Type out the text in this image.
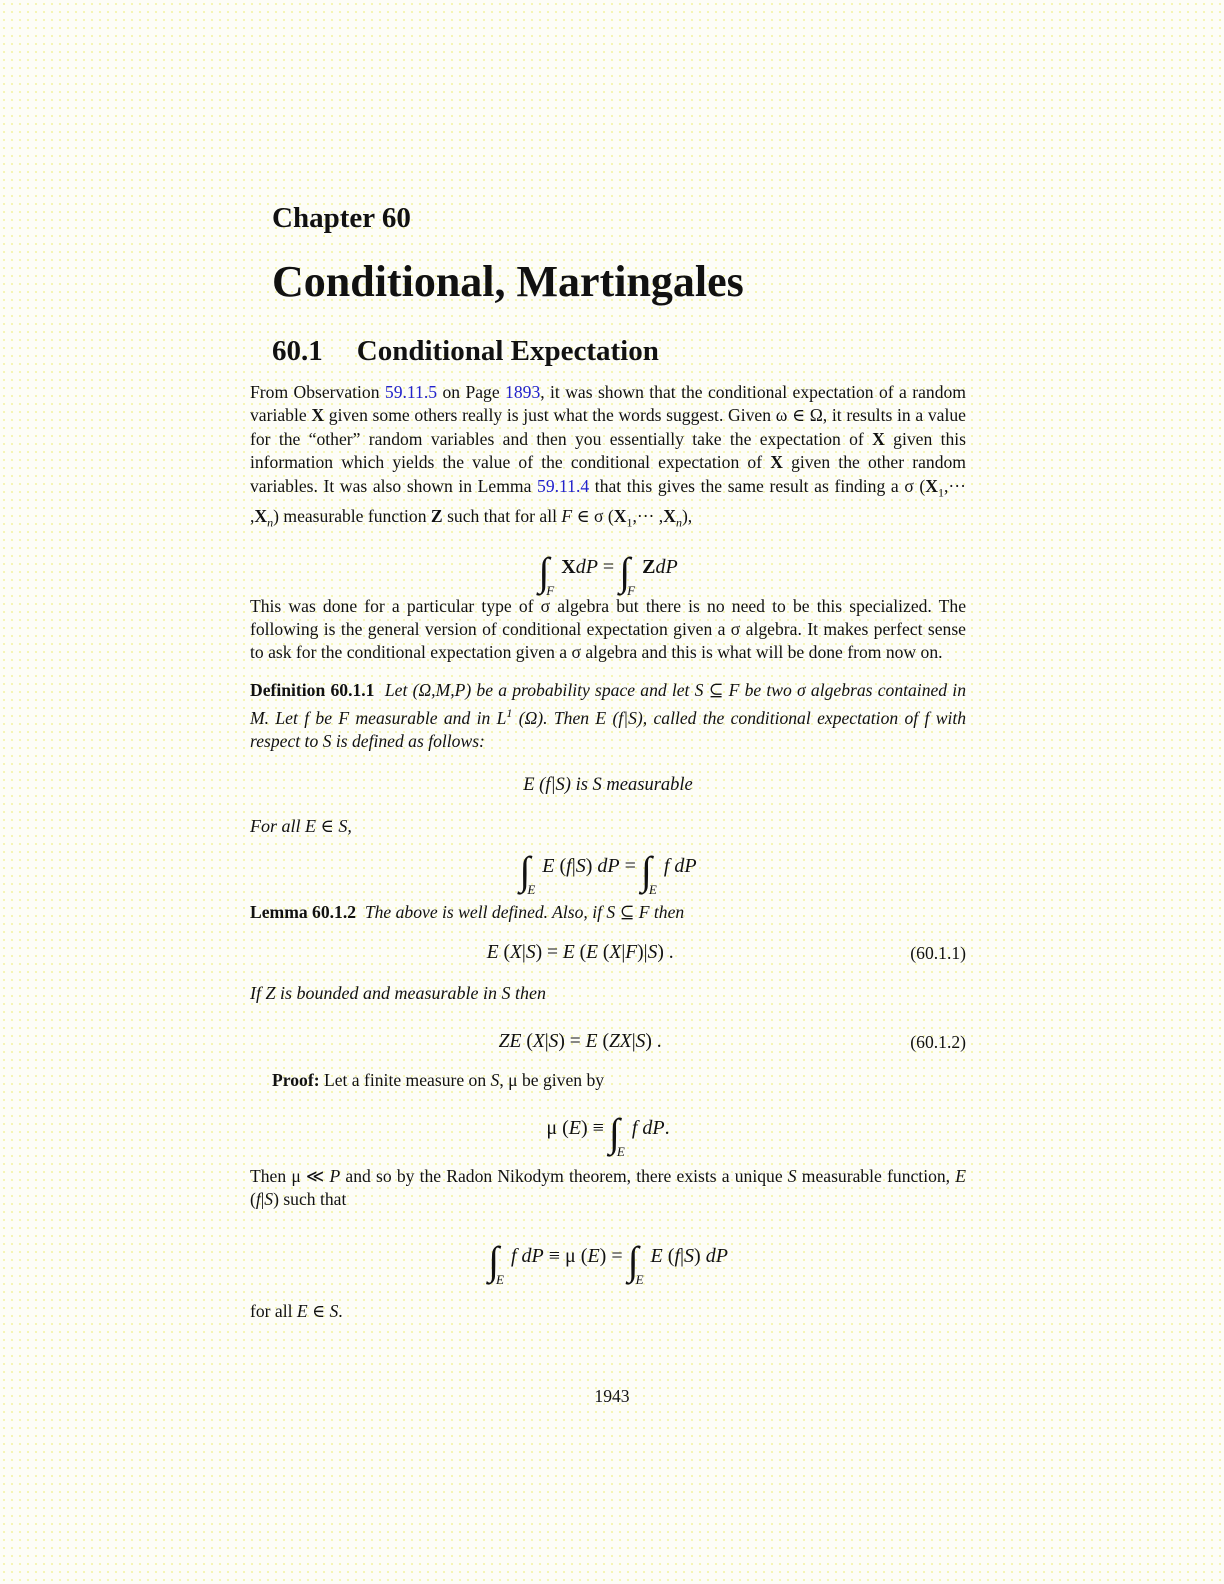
Chapter 60
Conditional, Martingales
60.1 Conditional Expectation

From Observation 59.11.5 on Page 1893, it was shown that the conditional expectation of a random variable X given some others really is just what the words suggest. Given ω ∈ Ω, it results in a value for the “other” random variables and then you essentially take the expectation of X given this information which yields the value of the conditional expectation of X given the other random variables. It was also shown in Lemma 59.11.4 that this gives the same result as finding a σ $(X_1,\cdot\cdot\cdot ,X_n)$ measurable function Z such that for all F ∈ σ $(X_1,\cdot\cdot\cdot ,X_n)$,

$\int_FXdP = \int_FZdP$

This was done for a particular type of σ algebra but there is no need to be this specialized. The following is the general version of conditional expectation given a σ algebra. It makes perfect sense to ask for the conditional expectation given a σ algebra and this is what will be done from now on.

Definition 60.1.1 Let (Ω,M,P) be a probability space and let S ⊆ F be two σ algebras contained in M. Let f be F measurable and in $L^1$ (Ω). Then E (f|S), called the conditional expectation of f with respect to S is defined as follows:

E (f|S) is S measurable
For all E ∈ S,
$\int_EE$ (f|S) dP = $\int_Ef$ dP

Lemma 60.1.2 The above is well defined. Also, if S ⊆ F then

E (X|S) = E (E (X|F)|S) .	(60.1.1)
If Z is bounded and measurable in S then
ZE (X|S) = E (ZX|S) .	(60.1.2)

Proof: Let a finite measure on S, μ be given by

μ $(E) \equiv \int_Ef$ dP.

Then μ ≪ P and so by the Radon Nikodym theorem, there exists a unique S measurable function, E (f|S) such that

$\int_Ef$ dP ≡ μ $(E) = \int_EE$ (f|S) dP
for all E ∈ S.
1943
